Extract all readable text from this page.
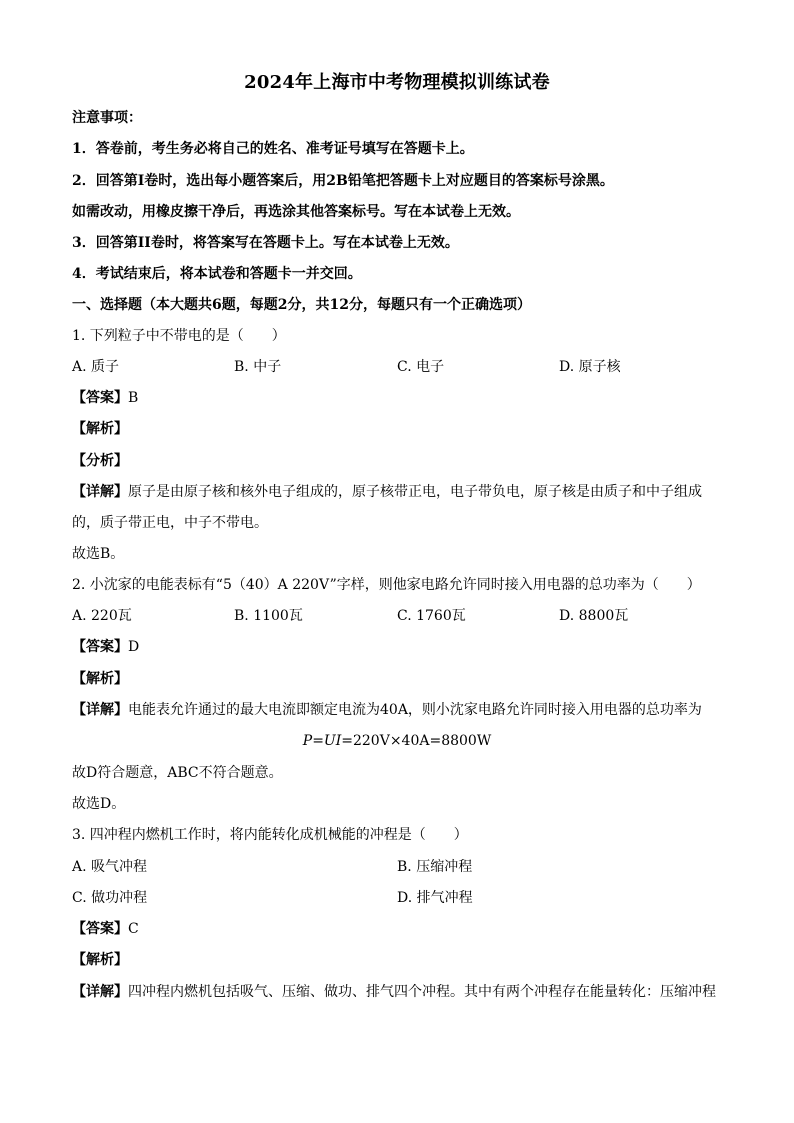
2024年上海市中考物理模拟训练试卷
注意事项：
1．答卷前，考生务必将自己的姓名、准考证号填写在答题卡上。
2．回答第I卷时，选出每小题答案后，用2B铅笔把答题卡上对应题目的答案标号涂黑。
如需改动，用橡皮擦干净后，再选涂其他答案标号。写在本试卷上无效。
3．回答第II卷时，将答案写在答题卡上。写在本试卷上无效。
4．考试结束后，将本试卷和答题卡一并交回。
一、选择题（本大题共6题，每题2分，共12分，每题只有一个正确选项）
1. 下列粒子中不带电的是（　　）
A. 质子	B. 中子	C. 电子	D. 原子核
【答案】B
【解析】
【分析】
【详解】原子是由原子核和核外电子组成的，原子核带正电，电子带负电，原子核是由质子和中子组成
的，质子带正电，中子不带电。
故选B。
2. 小沈家的电能表标有“5（40）A 220V”字样，则他家电路允许同时接入用电器的总功率为（　　）
A. 220瓦	B. 1100瓦	C. 1760瓦	D. 8800瓦
【答案】D
【解析】
【详解】电能表允许通过的最大电流即额定电流为40A，则小沈家电路允许同时接入用电器的总功率为
P=UI=220V×40A=8800W
故D符合题意，ABC不符合题意。
故选D。
3. 四冲程内燃机工作时，将内能转化成机械能的冲程是（　　）
A. 吸气冲程	B. 压缩冲程
C. 做功冲程	D. 排气冲程
【答案】C
【解析】
【详解】四冲程内燃机包括吸气、压缩、做功、排气四个冲程。其中有两个冲程存在能量转化：压缩冲程
